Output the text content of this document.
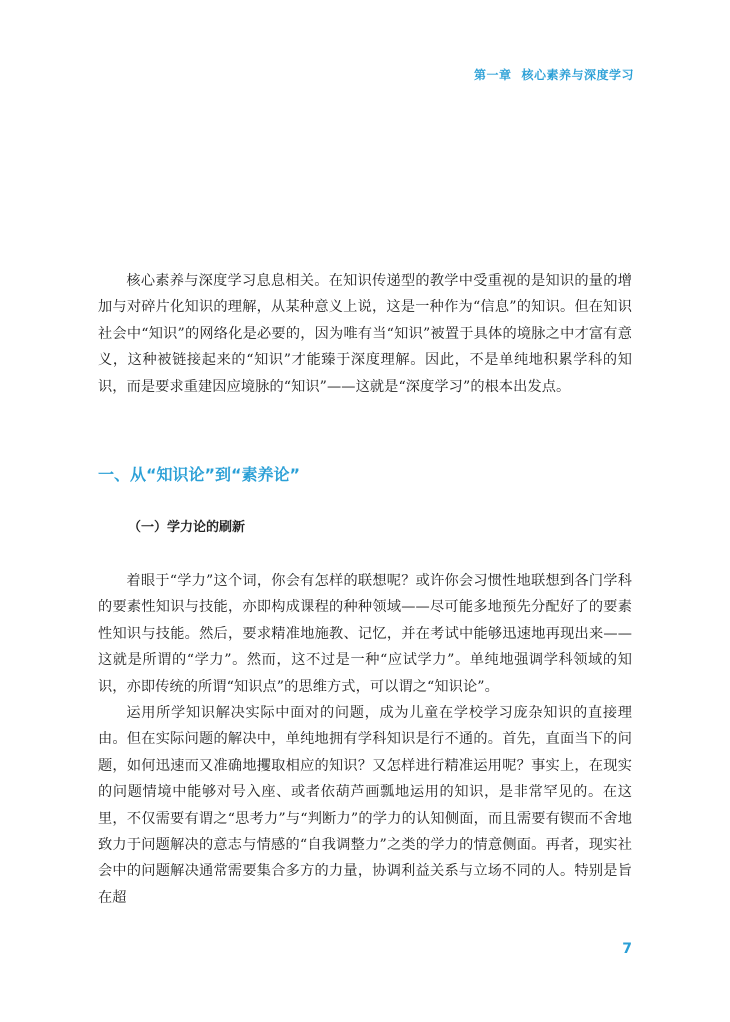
第一章 核心素养与深度学习

核心素养与深度学习息息相关。在知识传递型的教学中受重视的是知识的量的增加与对碎片化知识的理解，从某种意义上说，这是一种作为“信息”的知识。但在知识社会中“知识”的网络化是必要的，因为唯有当“知识”被置于具体的境脉之中才富有意义，这种被链接起来的“知识”才能臻于深度理解。因此，不是单纯地积累学科的知识，而是要求重建因应境脉的“知识”——这就是“深度学习”的根本出发点。

一、从“知识论”到“素养论”
（一）学力论的刷新

着眼于“学力”这个词，你会有怎样的联想呢？或许你会习惯性地联想到各门学科的要素性知识与技能，亦即构成课程的种种领域——尽可能多地预先分配好了的要素性知识与技能。然后，要求精准地施教、记忆，并在考试中能够迅速地再现出来——这就是所谓的“学力”。然而，这不过是一种“应试学力”。单纯地强调学科领域的知识，亦即传统的所谓“知识点”的思维方式，可以谓之“知识论”。

运用所学知识解决实际中面对的问题，成为儿童在学校学习庞杂知识的直接理由。但在实际问题的解决中，单纯地拥有学科知识是行不通的。首先，直面当下的问题，如何迅速而又准确地攫取相应的知识？又怎样进行精准运用呢？事实上，在现实的问题情境中能够对号入座、或者依葫芦画瓢地运用的知识，是非常罕见的。在这里，不仅需要有谓之“思考力”与“判断力”的学力的认知侧面，而且需要有锲而不舍地致力于问题解决的意志与情感的“自我调整力”之类的学力的情意侧面。再者，现实社会中的问题解决通常需要集合多方的力量，协调利益关系与立场不同的人。特别是旨在超

7
